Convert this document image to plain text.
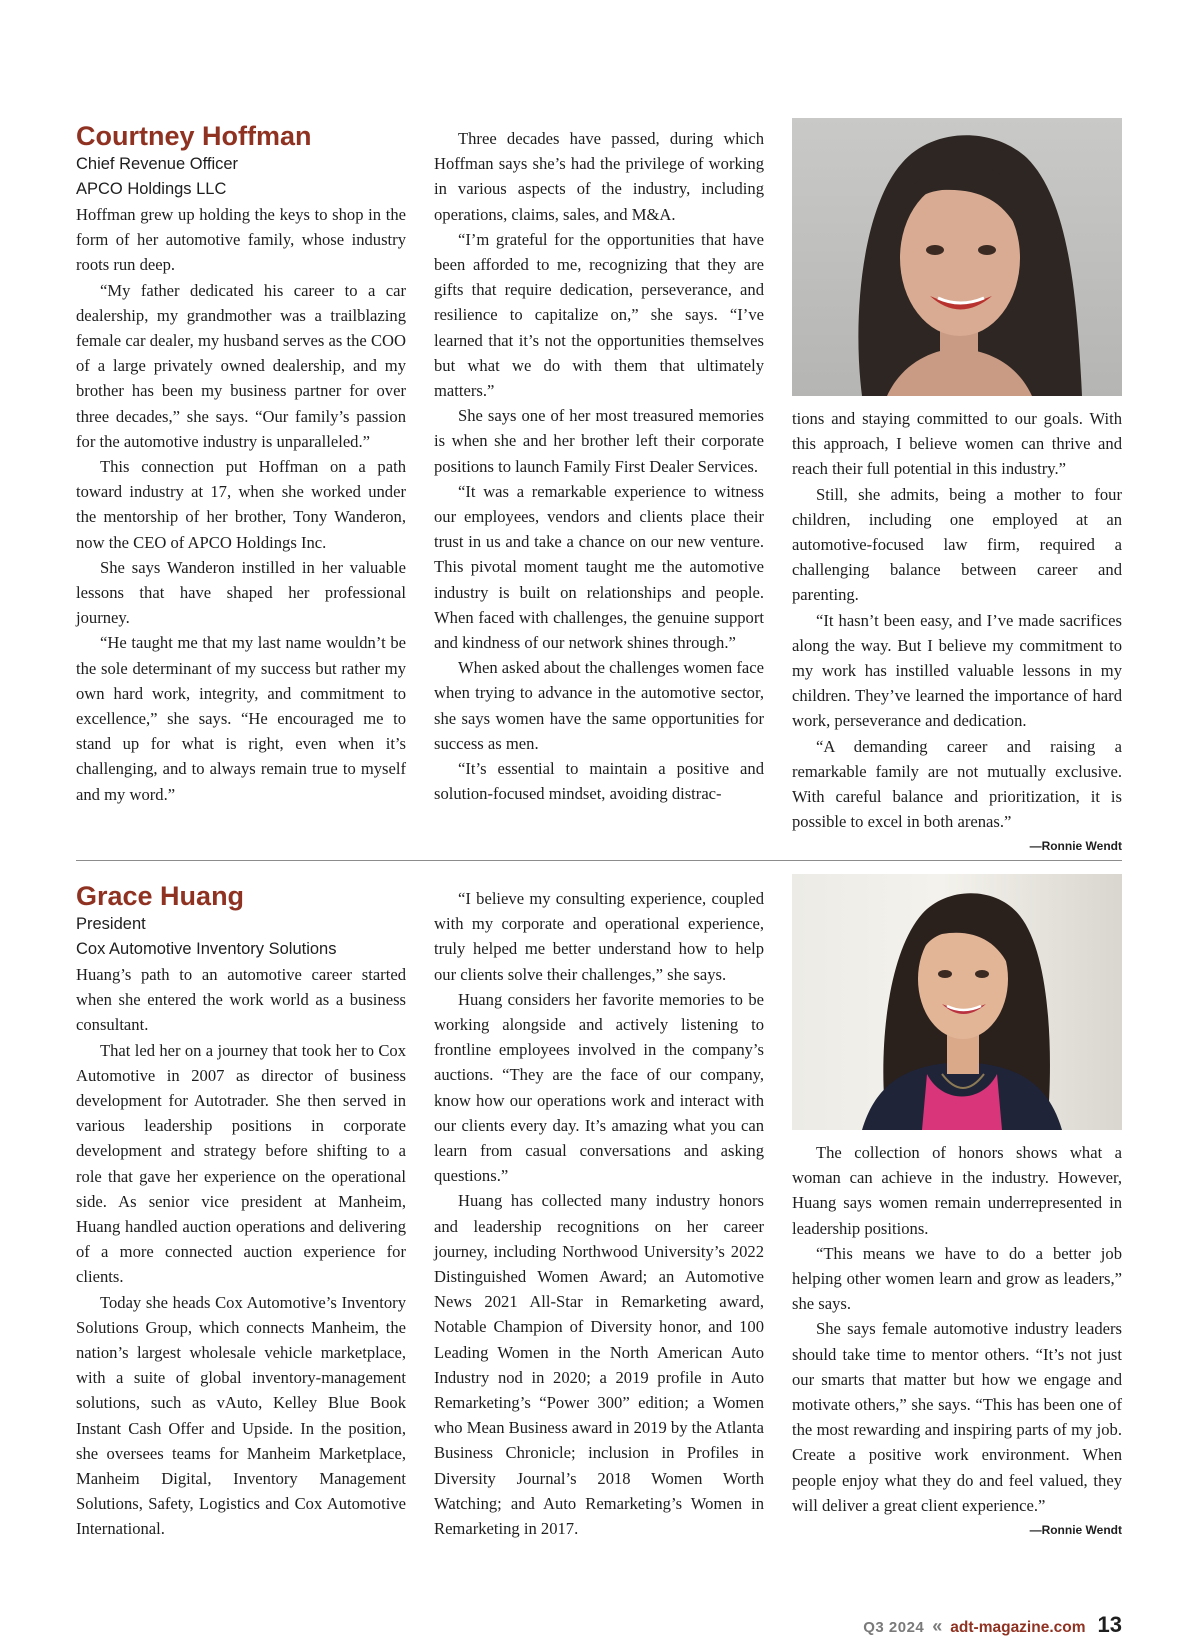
Courtney Hoffman
Chief Revenue Officer
APCO Holdings LLC

Hoffman grew up holding the keys to shop in the form of her automotive family, whose industry roots run deep.

“My father dedicated his career to a car dealership, my grandmother was a trailblazing female car dealer, my husband serves as the COO of a large privately owned dealership, and my brother has been my business partner for over three decades,” she says. “Our family’s passion for the automotive industry is unparalleled.”

This connection put Hoffman on a path toward industry at 17, when she worked under the mentorship of her brother, Tony Wanderon, now the CEO of APCO Holdings Inc.

She says Wanderon instilled in her valuable lessons that have shaped her professional journey.

“He taught me that my last name wouldn’t be the sole determinant of my success but rather my own hard work, integrity, and commitment to excellence,” she says. “He encouraged me to stand up for what is right, even when it’s challenging, and to always remain true to myself and my word.”

Three decades have passed, during which Hoffman says she’s had the privilege of working in various aspects of the industry, including operations, claims, sales, and M&A.

“I’m grateful for the opportunities that have been afforded to me, recognizing that they are gifts that require dedication, perseverance, and resilience to capitalize on,” she says. “I’ve learned that it’s not the opportunities themselves but what we do with them that ultimately matters.”

She says one of her most treasured memories is when she and her brother left their corporate positions to launch Family First Dealer Services.

“It was a remarkable experience to witness our employees, vendors and clients place their trust in us and take a chance on our new venture. This pivotal moment taught me the automotive industry is built on relationships and people. When faced with challenges, the genuine support and kindness of our network shines through.”

When asked about the challenges women face when trying to advance in the automotive sector, she says women have the same opportunities for success as men.

“It’s essential to maintain a positive and solution-focused mindset, avoiding distrac-

tions and staying committed to our goals. With this approach, I believe women can thrive and reach their full potential in this industry.”

Still, she admits, being a mother to four children, including one employed at an automotive-focused law firm, required a challenging balance between career and parenting.

“It hasn’t been easy, and I’ve made sacrifices along the way. But I believe my commitment to my work has instilled valuable lessons in my children. They’ve learned the importance of hard work, perseverance and dedication.

“A demanding career and raising a remarkable family are not mutually exclusive. With careful balance and prioritization, it is possible to excel in both arenas.”

—Ronnie Wendt
Grace Huang
President
Cox Automotive Inventory Solutions

Huang’s path to an automotive career started when she entered the work world as a business consultant.

That led her on a journey that took her to Cox Automotive in 2007 as director of business development for Autotrader. She then served in various leadership positions in corporate development and strategy before shifting to a role that gave her experience on the operational side. As senior vice president at Manheim, Huang handled auction operations and delivering of a more connected auction experience for clients.

Today she heads Cox Automotive’s Inventory Solutions Group, which connects Manheim, the nation’s largest wholesale vehicle marketplace, with a suite of global inventory-management solutions, such as vAuto, Kelley Blue Book Instant Cash Offer and Upside. In the position, she oversees teams for Manheim Marketplace, Manheim Digital, Inventory Management Solutions, Safety, Logistics and Cox Automotive International.

“I believe my consulting experience, coupled with my corporate and operational experience, truly helped me better understand how to help our clients solve their challenges,” she says.

Huang considers her favorite memories to be working alongside and actively listening to frontline employees involved in the company’s auctions. “They are the face of our company, know how our operations work and interact with our clients every day. It’s amazing what you can learn from casual conversations and asking questions.”

Huang has collected many industry honors and leadership recognitions on her career journey, including Northwood University’s 2022 Distinguished Women Award; an Automotive News 2021 All-Star in Remarketing award, Notable Champion of Diversity honor, and 100 Leading Women in the North American Auto Industry nod in 2020; a 2019 profile in Auto Remarketing’s “Power 300” edition; a Women who Mean Business award in 2019 by the Atlanta Business Chronicle; inclusion in Profiles in Diversity Journal’s 2018 Women Worth Watching; and Auto Remarketing’s Women in Remarketing in 2017.

The collection of honors shows what a woman can achieve in the industry. However, Huang says women remain underrepresented in leadership positions.

“This means we have to do a better job helping other women learn and grow as leaders,” she says.

She says female automotive industry leaders should take time to mentor others. “It’s not just our smarts that matter but how we engage and motivate others,” she says. “This has been one of the most rewarding and inspiring parts of my job. Create a positive work environment. When people enjoy what they do and feel valued, they will deliver a great client experience.”

—Ronnie Wendt
Q3 2024 « adt-magazine.com 13
